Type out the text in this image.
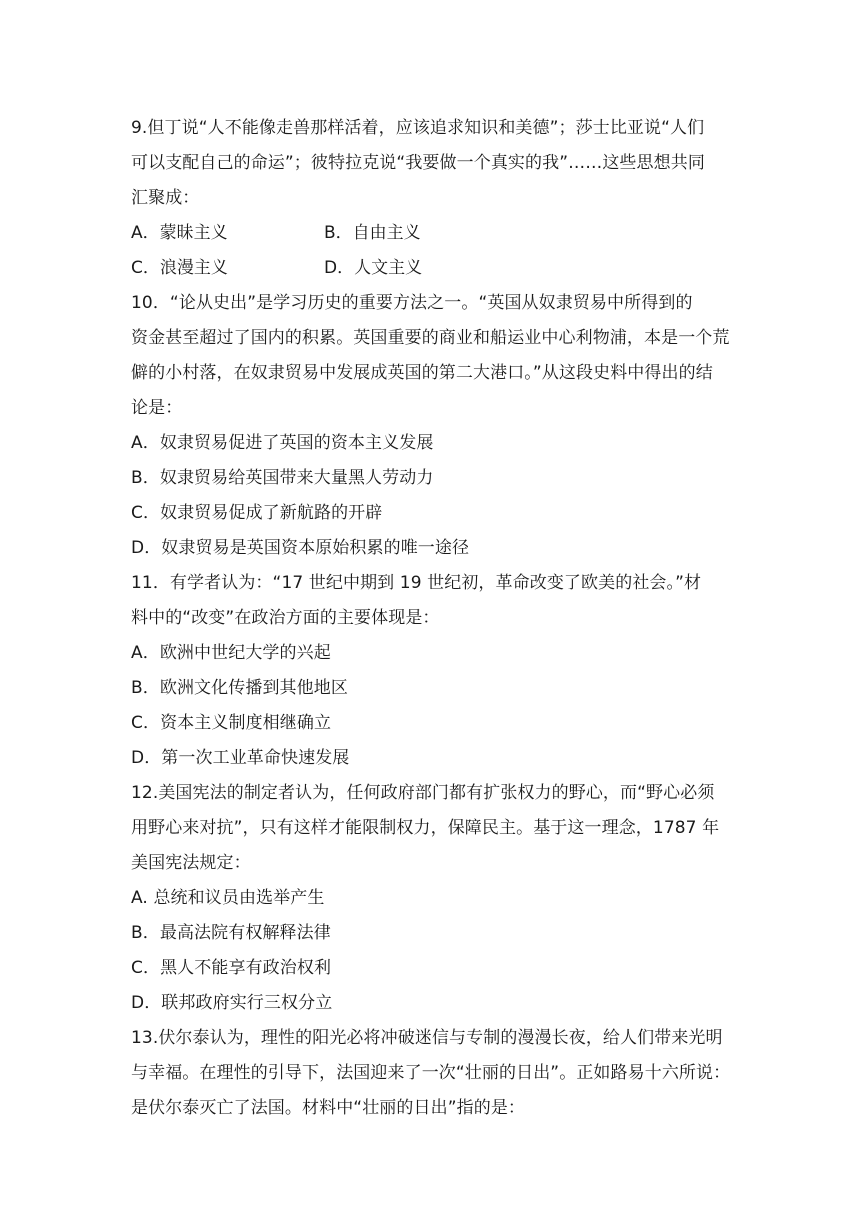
9.但丁说“人不能像走兽那样活着，应该追求知识和美德”；莎士比亚说“人们
可以支配自己的命运”；彼特拉克说“我要做一个真实的我”……这些思想共同
汇聚成：
A．蒙昧主义	B．自由主义
C．浪漫主义	D．人文主义
10．“论从史出”是学习历史的重要方法之一。“英国从奴隶贸易中所得到的
资金甚至超过了国内的积累。英国重要的商业和船运业中心利物浦，本是一个荒
僻的小村落，在奴隶贸易中发展成英国的第二大港口。”从这段史料中得出的结
论是：
A．奴隶贸易促进了英国的资本主义发展
B．奴隶贸易给英国带来大量黑人劳动力
C．奴隶贸易促成了新航路的开辟
D．奴隶贸易是英国资本原始积累的唯一途径
11．有学者认为：“17 世纪中期到 19 世纪初，革命改变了欧美的社会。”材
料中的“改变”在政治方面的主要体现是：
A．欧洲中世纪大学的兴起
B．欧洲文化传播到其他地区
C．资本主义制度相继确立
D．第一次工业革命快速发展
12.美国宪法的制定者认为，任何政府部门都有扩张权力的野心，而“野心必须
用野心来对抗”，只有这样才能限制权力，保障民主。基于这一理念，1787 年
美国宪法规定：
A. 总统和议员由选举产生
B．最高法院有权解释法律
C．黑人不能享有政治权利
D．联邦政府实行三权分立
13.伏尔泰认为，理性的阳光必将冲破迷信与专制的漫漫长夜，给人们带来光明
与幸福。在理性的引导下，法国迎来了一次“壮丽的日出”。正如路易十六所说：
是伏尔泰灭亡了法国。材料中“壮丽的日出”指的是：
